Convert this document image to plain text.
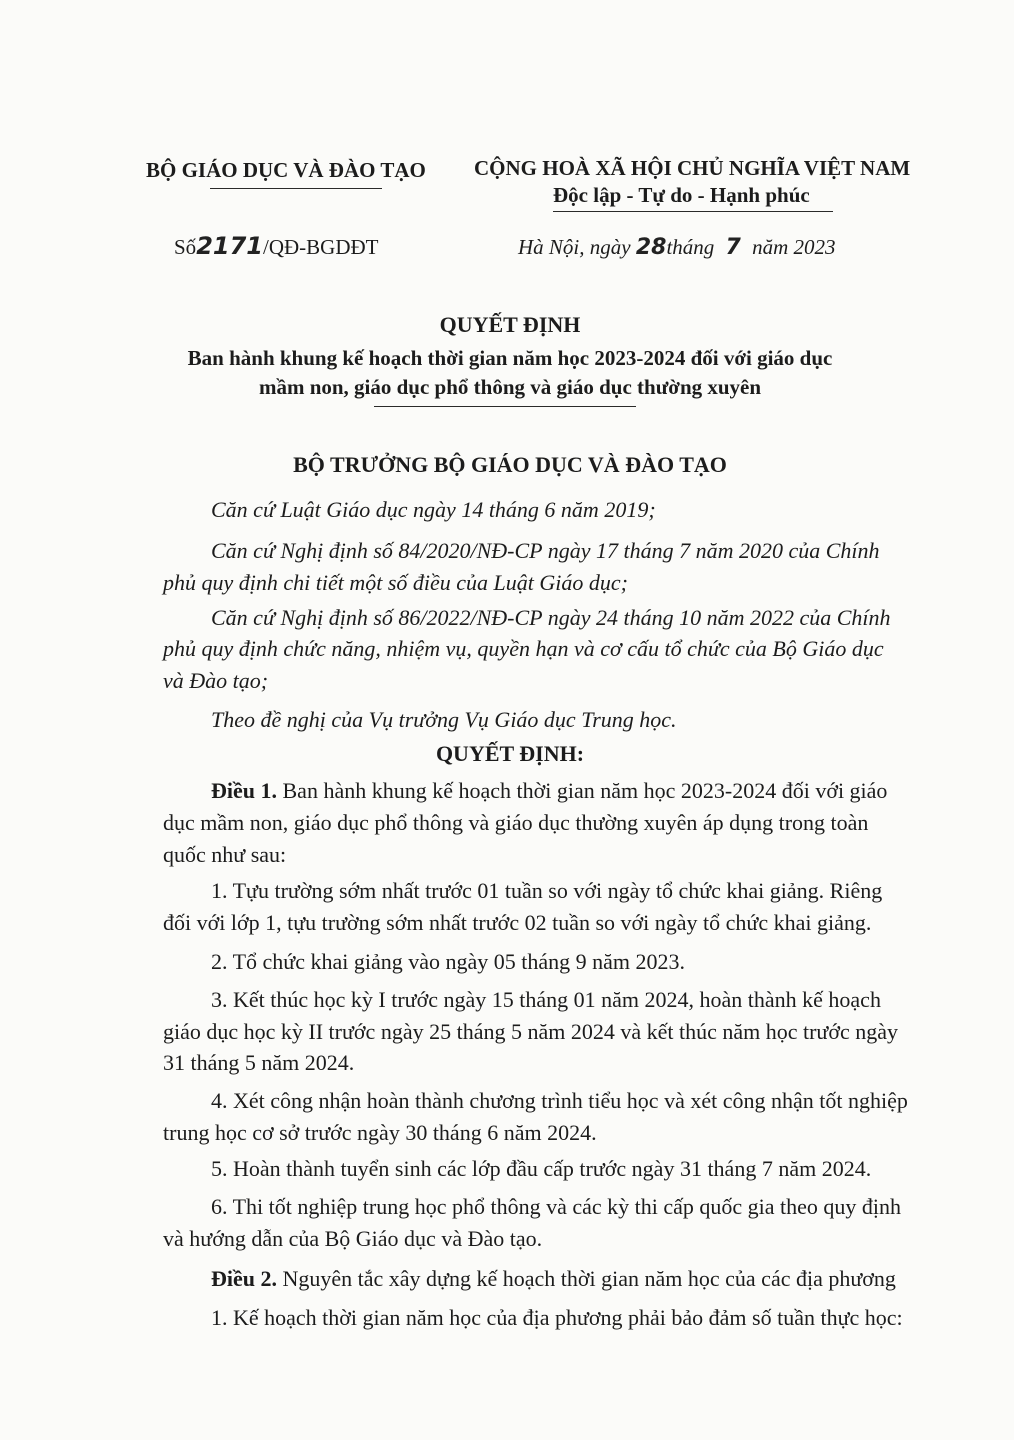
BỘ GIÁO DỤC VÀ ĐÀO TẠO CỘNG HOÀ XÃ HỘI CHỦ NGHĨA VIỆT NAM
Độc lập - Tự do - Hạnh phúc
Số2171/QĐ-BGDĐT	Hà Nội, ngày 28tháng 7 năm 2023
QUYẾT ĐỊNH
Ban hành khung kế hoạch thời gian năm học 2023-2024 đối với giáo dục
mầm non, giáo dục phổ thông và giáo dục thường xuyên
BỘ TRƯỞNG BỘ GIÁO DỤC VÀ ĐÀO TẠO
Căn cứ Luật Giáo dục ngày 14 tháng 6 năm 2019;
Căn cứ Nghị định số 84/2020/NĐ-CP ngày 17 tháng 7 năm 2020 của Chính
phủ quy định chi tiết một số điều của Luật Giáo dục;
Căn cứ Nghị định số 86/2022/NĐ-CP ngày 24 tháng 10 năm 2022 của Chính
phủ quy định chức năng, nhiệm vụ, quyền hạn và cơ cấu tổ chức của Bộ Giáo dục
và Đào tạo;
Theo đề nghị của Vụ trưởng Vụ Giáo dục Trung học.
QUYẾT ĐỊNH:
Điều 1. Ban hành khung kế hoạch thời gian năm học 2023-2024 đối với giáo
dục mầm non, giáo dục phổ thông và giáo dục thường xuyên áp dụng trong toàn
quốc như sau:
1. Tựu trường sớm nhất trước 01 tuần so với ngày tổ chức khai giảng. Riêng
đối với lớp 1, tựu trường sớm nhất trước 02 tuần so với ngày tổ chức khai giảng.
2. Tổ chức khai giảng vào ngày 05 tháng 9 năm 2023.
3. Kết thúc học kỳ I trước ngày 15 tháng 01 năm 2024, hoàn thành kế hoạch
giáo dục học kỳ II trước ngày 25 tháng 5 năm 2024 và kết thúc năm học trước ngày
31 tháng 5 năm 2024.
4. Xét công nhận hoàn thành chương trình tiểu học và xét công nhận tốt nghiệp
trung học cơ sở trước ngày 30 tháng 6 năm 2024.
5. Hoàn thành tuyển sinh các lớp đầu cấp trước ngày 31 tháng 7 năm 2024.
6. Thi tốt nghiệp trung học phổ thông và các kỳ thi cấp quốc gia theo quy định
và hướng dẫn của Bộ Giáo dục và Đào tạo.
Điều 2. Nguyên tắc xây dựng kế hoạch thời gian năm học của các địa phương
1. Kế hoạch thời gian năm học của địa phương phải bảo đảm số tuần thực học:
